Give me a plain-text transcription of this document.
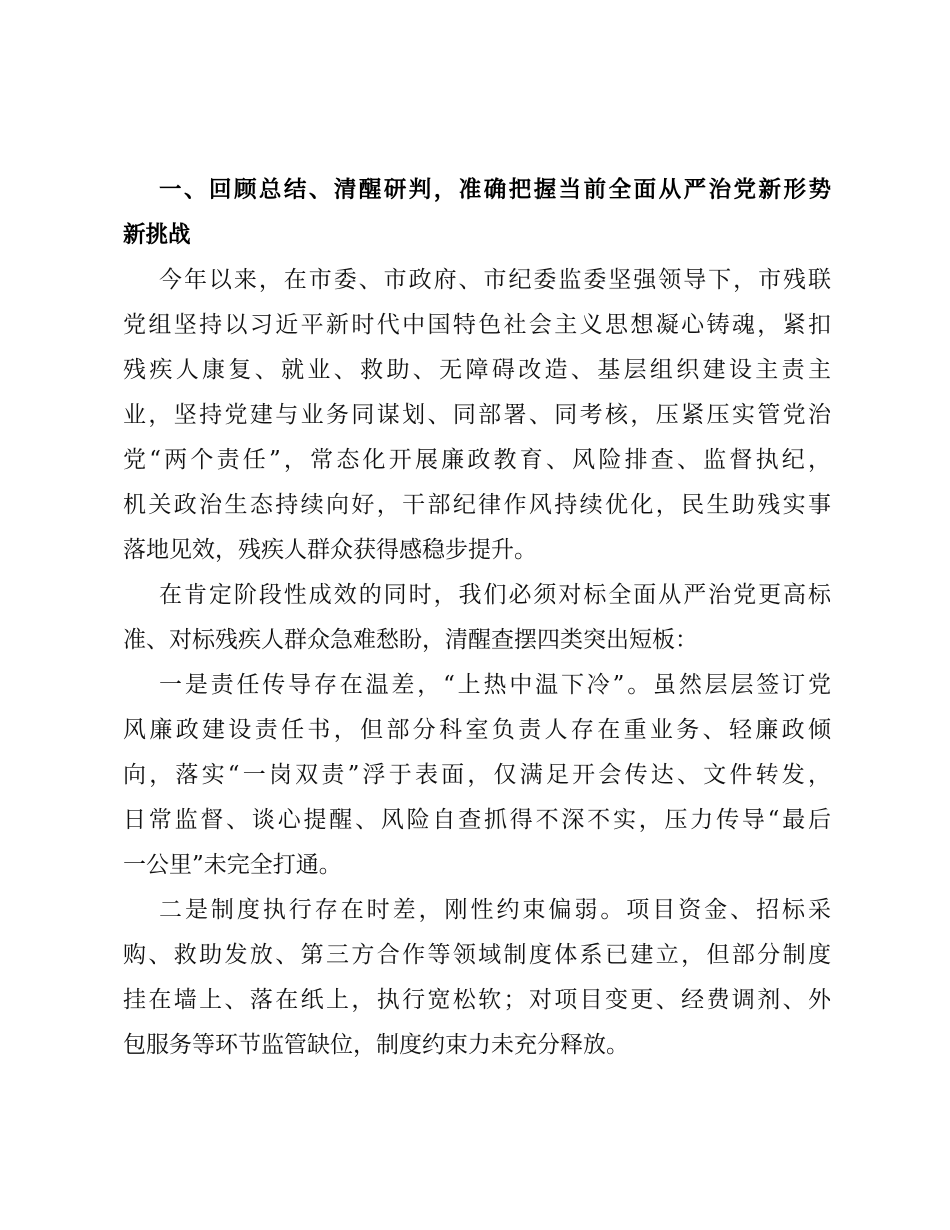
一、回顾总结、清醒研判，准确把握当前全面从严治党新形势
新挑战
今年以来，在市委、市政府、市纪委监委坚强领导下，市残联
党组坚持以习近平新时代中国特色社会主义思想凝心铸魂，紧扣
残疾人康复、就业、救助、无障碍改造、基层组织建设主责主
业，坚持党建与业务同谋划、同部署、同考核，压紧压实管党治
党“两个责任”，常态化开展廉政教育、风险排查、监督执纪，
机关政治生态持续向好，干部纪律作风持续优化，民生助残实事
落地见效，残疾人群众获得感稳步提升。
在肯定阶段性成效的同时，我们必须对标全面从严治党更高标
准、对标残疾人群众急难愁盼，清醒查摆四类突出短板：
一是责任传导存在温差，“上热中温下冷”。虽然层层签订党
风廉政建设责任书，但部分科室负责人存在重业务、轻廉政倾
向，落实“一岗双责”浮于表面，仅满足开会传达、文件转发，
日常监督、谈心提醒、风险自查抓得不深不实，压力传导“最后
一公里”未完全打通。
二是制度执行存在时差，刚性约束偏弱。项目资金、招标采
购、救助发放、第三方合作等领域制度体系已建立，但部分制度
挂在墙上、落在纸上，执行宽松软；对项目变更、经费调剂、外
包服务等环节监管缺位，制度约束力未充分释放。
